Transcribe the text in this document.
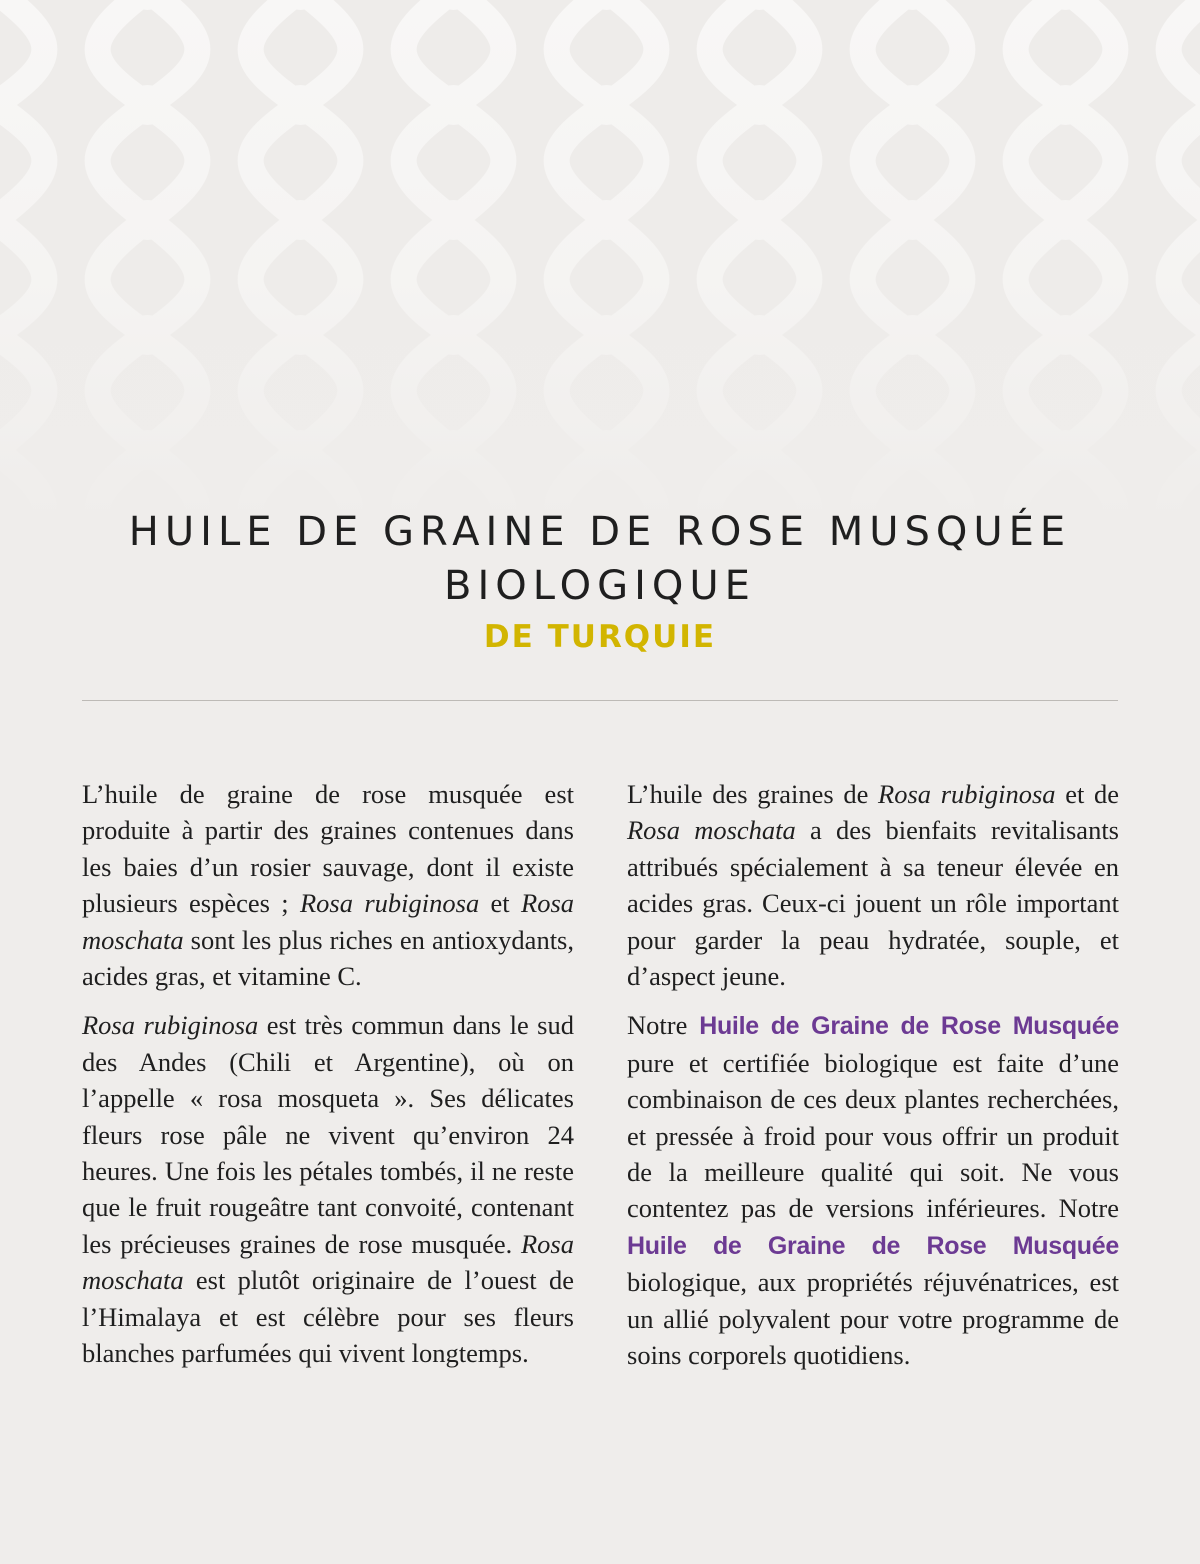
HUILE DE GRAINE DE ROSE MUSQUÉE
BIOLOGIQUE
DE TURQUIE

L’huile de graine de rose musquée est produite à partir des graines contenues dans les baies d’un rosier sauvage, dont il existe plusieurs espèces ; Rosa rubiginosa et Rosa moschata sont les plus riches en antioxydants, acides gras, et vitamine C.

Rosa rubiginosa est très commun dans le sud des Andes (Chili et Argentine), où on l’appelle « rosa mosqueta ». Ses délicates fleurs rose pâle ne vivent qu’environ 24 heures. Une fois les pétales tombés, il ne reste que le fruit rougeâtre tant convoité, contenant les précieuses graines de rose musquée. Rosa moschata est plutôt originaire de l’ouest de l’Himalaya et est célèbre pour ses fleurs blanches parfumées qui vivent longtemps.

L’huile des graines de Rosa rubiginosa et de Rosa moschata a des bienfaits revitalisants attribués spécialement à sa teneur élevée en acides gras. Ceux-ci jouent un rôle important pour garder la peau hydratée, souple, et d’aspect jeune.

Notre Huile de Graine de Rose Musquée pure et certifiée biologique est faite d’une combinaison de ces deux plantes recherchées, et pressée à froid pour vous offrir un produit de la meilleure qualité qui soit. Ne vous contentez pas de versions inférieures. Notre Huile de Graine de Rose Musquée biologique, aux propriétés réjuvénatrices, est un allié polyvalent pour votre programme de soins corporels quotidiens.
